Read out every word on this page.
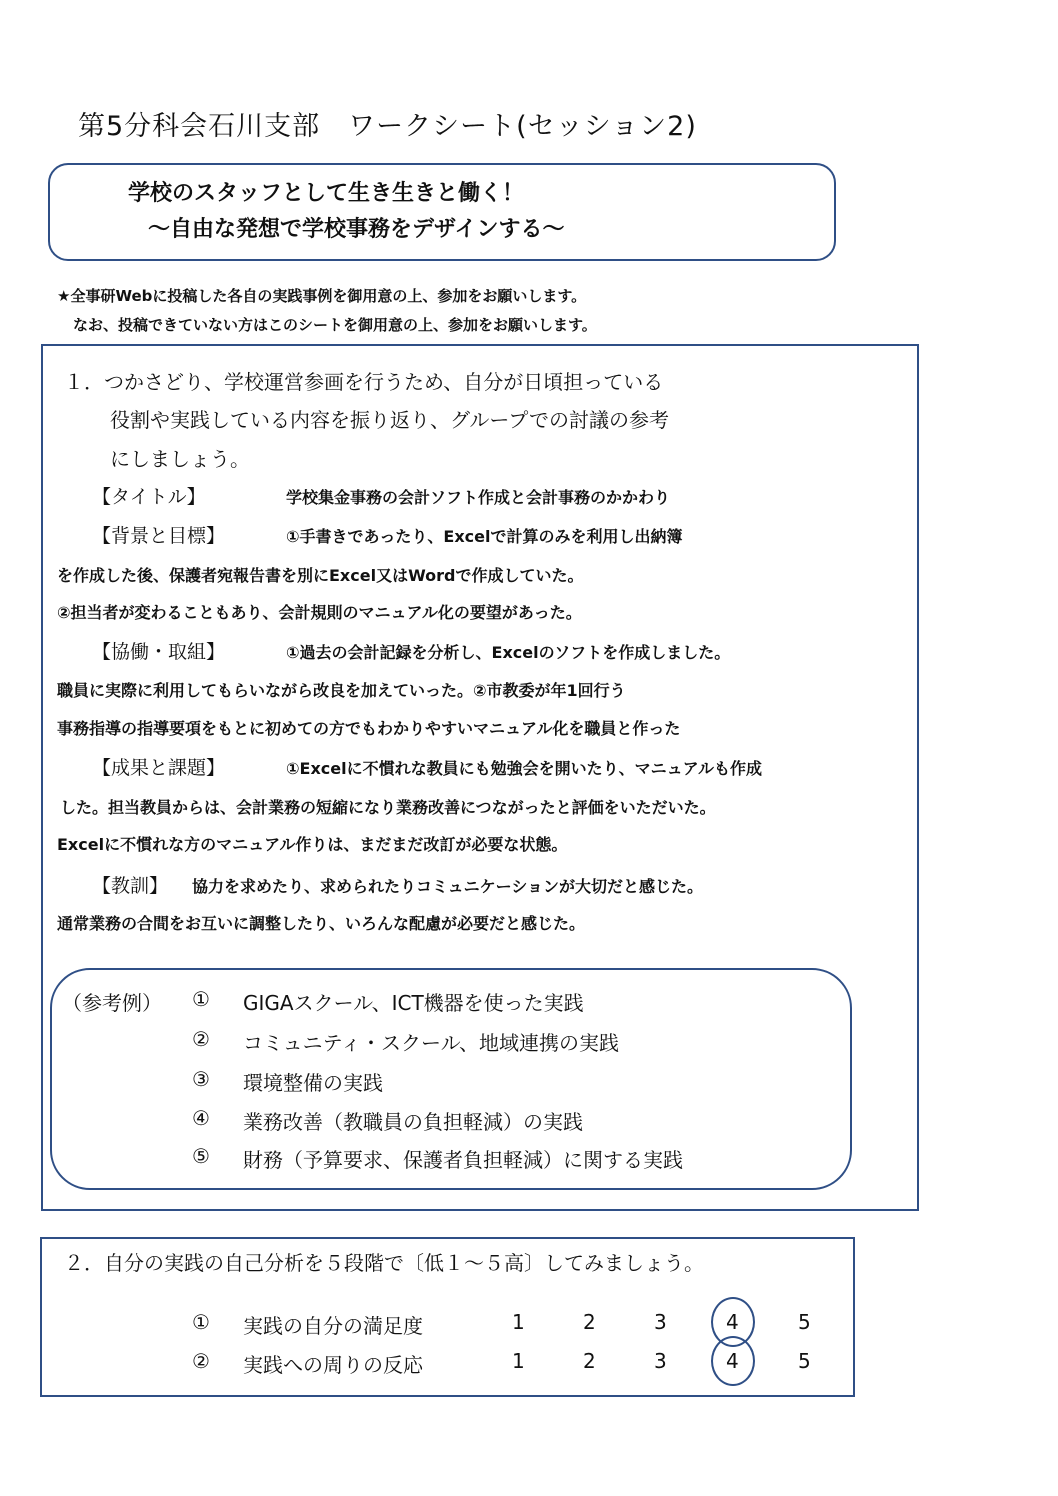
第5分科会石川支部　ワークシート(セッション2)
学校のスタッフとして生き生きと働く！
～自由な発想で学校事務をデザインする～
★全事研Webに投稿した各自の実践事例を御用意の上、参加をお願いします。
なお、投稿できていない方はこのシートを御用意の上、参加をお願いします。
１．つかさどり、学校運営参画を行うため、自分が日頃担っている
役割や実践している内容を振り返り、グループでの討議の参考
にしましょう。
【タイトル】	学校集金事務の会計ソフト作成と会計事務のかかわり
【背景と目標】	①手書きであったり、Excelで計算のみを利用し出納簿
を作成した後、保護者宛報告書を別にExcel又はWordで作成していた。
②担当者が変わることもあり、会計規則のマニュアル化の要望があった。
【協働・取組】	①過去の会計記録を分析し、Excelのソフトを作成しました。
職員に実際に利用してもらいながら改良を加えていった。②市教委が年1回行う
事務指導の指導要項をもとに初めての方でもわかりやすいマニュアル化を職員と作った
【成果と課題】	①Excelに不慣れな教員にも勉強会を開いたり、マニュアルも作成
した。担当教員からは、会計業務の短縮になり業務改善につながったと評価をいただいた。
Excelに不慣れな方のマニュアル作りは、まだまだ改訂が必要な状態。
【教訓】 協力を求めたり、求められたりコミュニケーションが大切だと感じた。
通常業務の合間をお互いに調整したり、いろんな配慮が必要だと感じた。
（参考例） ① GIGAスクール、ICT機器を使った実践
② コミュニティ・スクール、地域連携の実践
③ 環境整備の実践
④ 業務改善（教職員の負担軽減）の実践
⑤ 財務（予算要求、保護者負担軽減）に関する実践
２．自分の実践の自己分析を５段階で〔低１～５高〕してみましょう。
① 実践の自分の満足度	1	2	3	4	5
② 実践への周りの反応	1	2	3	4	5
